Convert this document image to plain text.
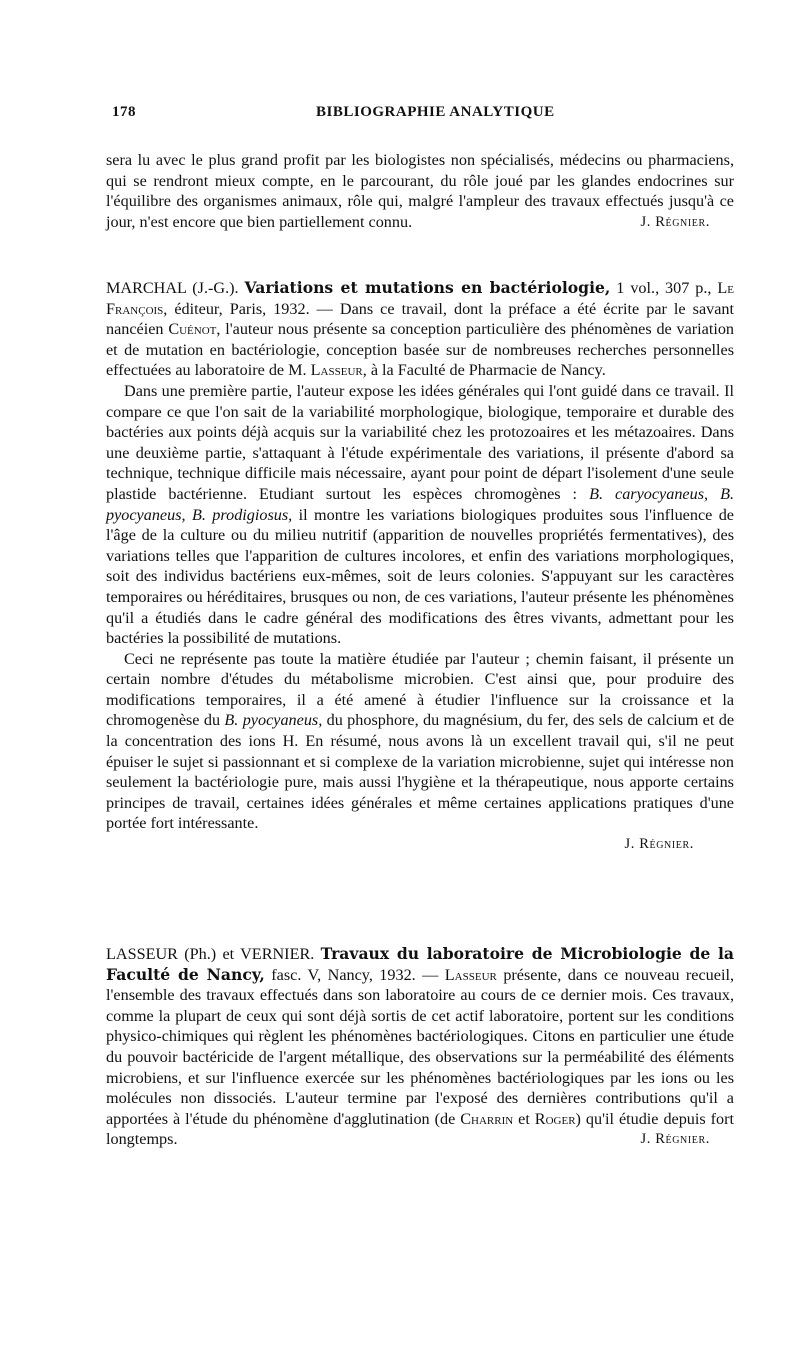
178	BIBLIOGRAPHIE ANALYTIQUE

sera lu avec le plus grand profit par les biologistes non spécialisés, médecins ou pharmaciens, qui se rendront mieux compte, en le parcourant, du rôle joué par les glandes endocrines sur l'équilibre des organismes animaux, rôle qui, malgré l'ampleur des travaux effectués jusqu'à ce jour, n'est encore que bien partiellement connu.	J. Régnier.

MARCHAL (J.-G.). Variations et mutations en bactériologie, 1 vol., 307 p., Le François, éditeur, Paris, 1932. — Dans ce travail, dont la préface a été écrite par le savant nancéien Cuénot, l'auteur nous présente sa conception particulière des phénomènes de variation et de mutation en bactériologie, conception basée sur de nombreuses recherches personnelles effectuées au laboratoire de M. Lasseur, à la Faculté de Pharmacie de Nancy.

Dans une première partie, l'auteur expose les idées générales qui l'ont guidé dans ce travail. Il compare ce que l'on sait de la variabilité morphologique, biologique, temporaire et durable des bactéries aux points déjà acquis sur la variabilité chez les protozoaires et les métazoaires. Dans une deuxième partie, s'attaquant à l'étude expérimentale des variations, il présente d'abord sa technique, technique difficile mais nécessaire, ayant pour point de départ l'isolement d'une seule plastide bactérienne. Etudiant surtout les espèces chromogènes : B. caryocyaneus, B. pyocyaneus, B. prodigiosus, il montre les variations biologiques produites sous l'influence de l'âge de la culture ou du milieu nutritif (apparition de nouvelles propriétés fermentatives), des variations telles que l'apparition de cultures incolores, et enfin des variations morphologiques, soit des individus bactériens eux-mêmes, soit de leurs colonies. S'appuyant sur les caractères temporaires ou héréditaires, brusques ou non, de ces variations, l'auteur présente les phénomènes qu'il a étudiés dans le cadre général des modifications des êtres vivants, admettant pour les bactéries la possibilité de mutations.

Ceci ne représente pas toute la matière étudiée par l'auteur ; chemin faisant, il présente un certain nombre d'études du métabolisme microbien. C'est ainsi que, pour produire des modifications temporaires, il a été amené à étudier l'influence sur la croissance et la chromogenèse du B. pyocyaneus, du phosphore, du magnésium, du fer, des sels de calcium et de la concentration des ions H. En résumé, nous avons là un excellent travail qui, s'il ne peut épuiser le sujet si passionnant et si complexe de la variation microbienne, sujet qui intéresse non seulement la bactériologie pure, mais aussi l'hygiène et la thérapeutique, nous apporte certains principes de travail, certaines idées générales et même certaines applications pratiques d'une portée fort intéressante.

J. Régnier.

LASSEUR (Ph.) et VERNIER. Travaux du laboratoire de Microbiologie de la Faculté de Nancy, fasc. V, Nancy, 1932. — Lasseur présente, dans ce nouveau recueil, l'ensemble des travaux effectués dans son laboratoire au cours de ce dernier mois. Ces travaux, comme la plupart de ceux qui sont déjà sortis de cet actif laboratoire, portent sur les conditions physico-chimiques qui règlent les phénomènes bactériologiques. Citons en particulier une étude du pouvoir bactéricide de l'argent métallique, des observations sur la perméabilité des éléments microbiens, et sur l'influence exercée sur les phénomènes bactériologiques par les ions ou les molécules non dissociés. L'auteur termine par l'exposé des dernières contributions qu'il a apportées à l'étude du phénomène d'agglutination (de Charrin et Roger) qu'il étudie depuis fort longtemps.	J. Régnier.
